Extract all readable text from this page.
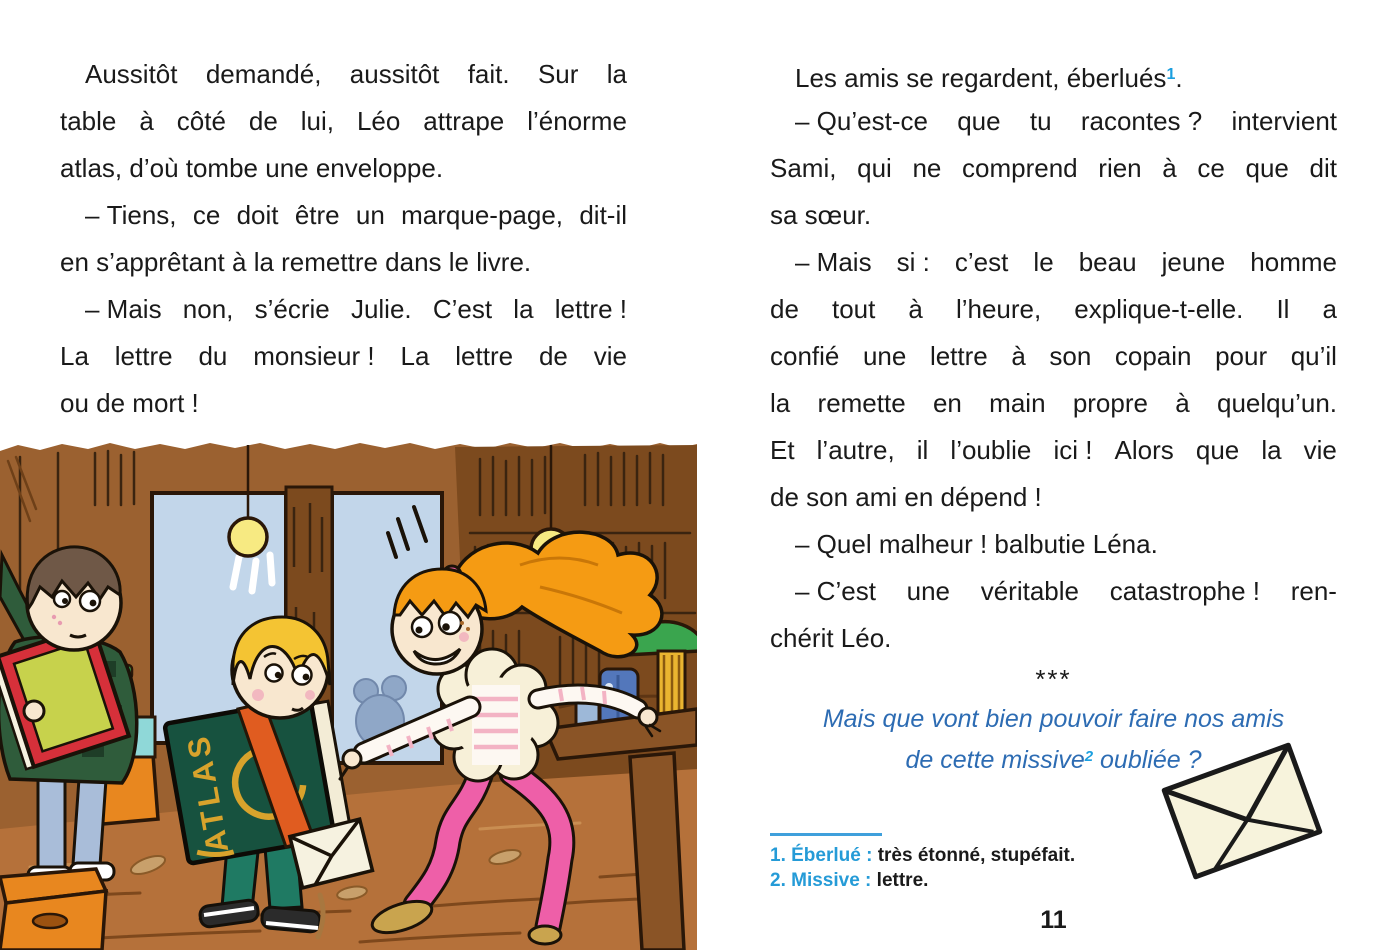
Aussitôt demandé, aussitôt fait. Sur la
table à côté de lui, Léo attrape l’énorme
atlas, d’où tombe une enveloppe.
– Tiens, ce doit être un marque-page, dit-il
en s’apprêtant à la remettre dans le livre.
– Mais non, s’écrie Julie. C’est la lettre !
La lettre du monsieur ! La lettre de vie
ou de mort !
Les amis se regardent, éberlués$^1$.
– Qu’est-ce que tu racontes ? intervient
Sami, qui ne comprend rien à ce que dit
sa sœur.
– Mais si : c’est le beau jeune homme
de tout à l’heure, explique-t-elle. Il a
confié une lettre à son copain pour qu’il
la remette en main propre à quelqu’un.
Et l’autre, il l’oublie ici ! Alors que la vie
de son ami en dépend !
– Quel malheur ! balbutie Léna.
– C’est une véritable catastrophe ! ren-
chérit Léo.
***
Mais que vont bien pouvoir faire nos amis
de cette missive$^2$ oubliée ?
1. Éberlué : très étonné, stupéfait.
2. Missive : lettre.
11
ATLAS
